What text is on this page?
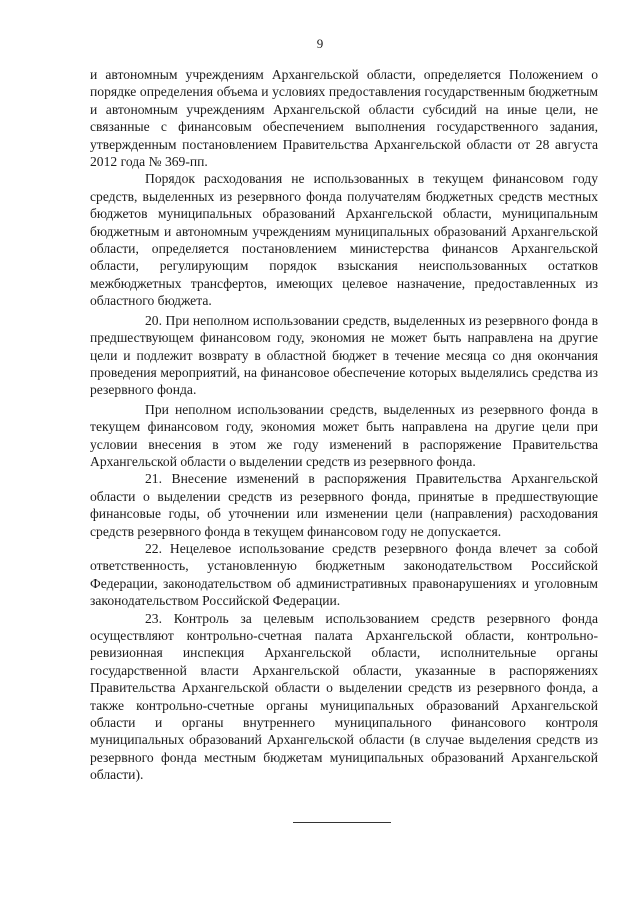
9

и автономным учреждениям Архангельской области, определяется Положением о порядке определения объема и условиях предоставления государственным бюджетным и автономным учреждениям Архангельской области субсидий на иные цели, не связанные с финансовым обеспечением выполнения государственного задания, утвержденным постановлением Правительства Архангельской области от 28 августа 2012 года № 369-пп.

Порядок расходования не использованных в текущем финансовом году средств, выделенных из резервного фонда получателям бюджетных средств местных бюджетов муниципальных образований Архангельской области, муниципальным бюджетным и автономным учреждениям муниципальных образований Архангельской области, определяется постановлением министерства финансов Архангельской области, регулирующим порядок взыскания неиспользованных остатков межбюджетных трансфертов, имеющих целевое назначение, предоставленных из областного бюджета.

20. При неполном использовании средств, выделенных из резервного фонда в предшествующем финансовом году, экономия не может быть направлена на другие цели и подлежит возврату в областной бюджет в течение месяца со дня окончания проведения мероприятий, на финансовое обеспечение которых выделялись средства из резервного фонда.

При неполном использовании средств, выделенных из резервного фонда в текущем финансовом году, экономия может быть направлена на другие цели при условии внесения в этом же году изменений в распоряжение Правительства Архангельской области о выделении средств из резервного фонда.

21. Внесение изменений в распоряжения Правительства Архангельской области о выделении средств из резервного фонда, принятые в предшествующие финансовые годы, об уточнении или изменении цели (направления) расходования средств резервного фонда в текущем финансовом году не допускается.

22. Нецелевое использование средств резервного фонда влечет за собой ответственность, установленную бюджетным законодательством Российской Федерации, законодательством об административных правонарушениях и уголовным законодательством Российской Федерации.

23. Контроль за целевым использованием средств резервного фонда осуществляют контрольно-счетная палата Архангельской области, контрольно-ревизионная инспекция Архангельской области, исполнительные органы государственной власти Архангельской области, указанные в распоряжениях Правительства Архангельской области о выделении средств из резервного фонда, а также контрольно-счетные органы муниципальных образований Архангельской области и органы внутреннего муниципального финансового контроля муниципальных образований Архангельской области (в случае выделения средств из резервного фонда местным бюджетам муниципальных образований Архангельской области).
